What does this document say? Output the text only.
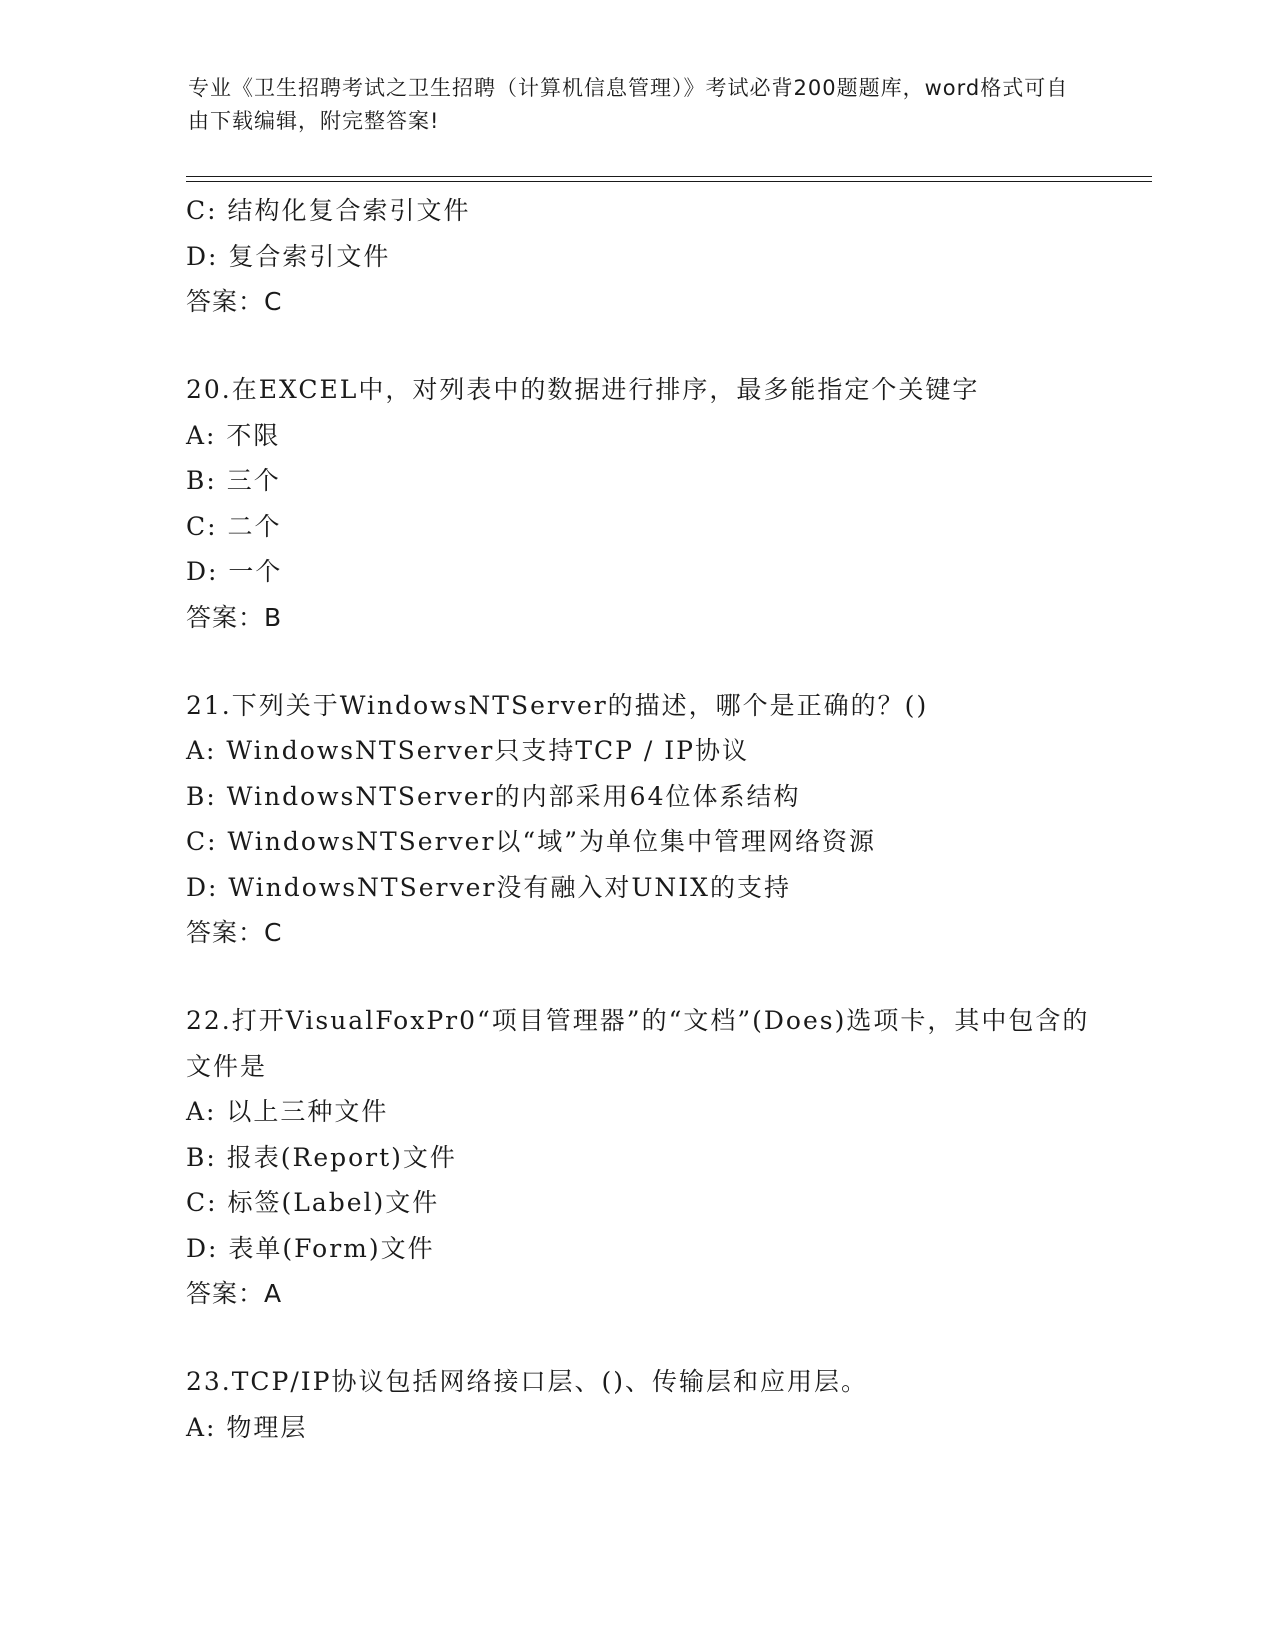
专业《卫生招聘考试之卫生招聘（计算机信息管理）》考试必背200题题库，word格式可自由下载编辑，附完整答案!
C: 结构化复合索引文件
D: 复合索引文件
答案：C
20.在EXCEL中，对列表中的数据进行排序，最多能指定个关键字
A: 不限
B: 三个
C: 二个
D: 一个
答案：B
21.下列关于WindowsNTServer的描述，哪个是正确的？()
A: WindowsNTServer只支持TCP / IP协议
B: WindowsNTServer的内部采用64位体系结构
C: WindowsNTServer以“域”为单位集中管理网络资源
D: WindowsNTServer没有融入对UNIX的支持
答案：C
22.打开VisualFoxPr0“项目管理器”的“文档”(Does)选项卡，其中包含的文件是
A: 以上三种文件
B: 报表(Report)文件
C: 标签(Label)文件
D: 表单(Form)文件
答案：A
23.TCP/IP协议包括网络接口层、()、传输层和应用层。
A: 物理层
